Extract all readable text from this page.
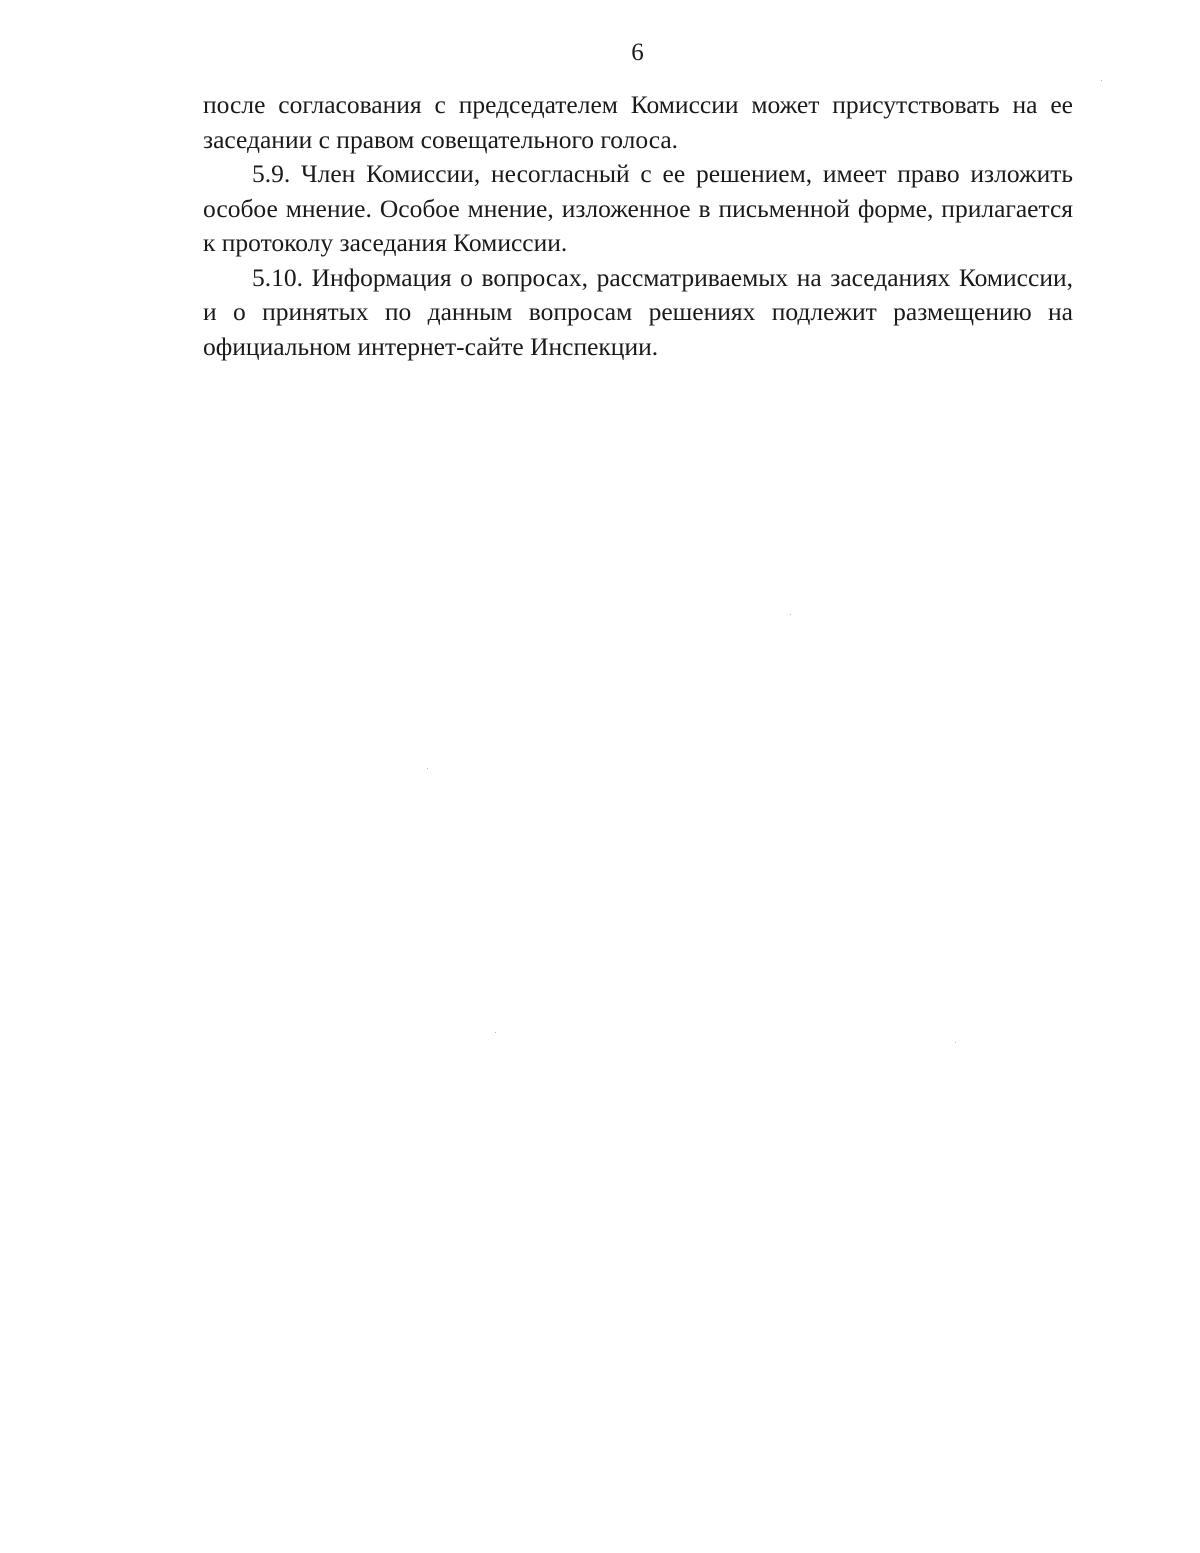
6

после согласования с председателем Комиссии может присутствовать на ее заседании с правом совещательного голоса.

5.9. Член Комиссии, несогласный с ее решением, имеет право изложить особое мнение. Особое мнение, изложенное в письменной форме, прилагается к протоколу заседания Комиссии.

5.10. Информация о вопросах, рассматриваемых на заседаниях Комиссии, и о принятых по данным вопросам решениях подлежит размещению на официальном интернет-сайте Инспекции.
